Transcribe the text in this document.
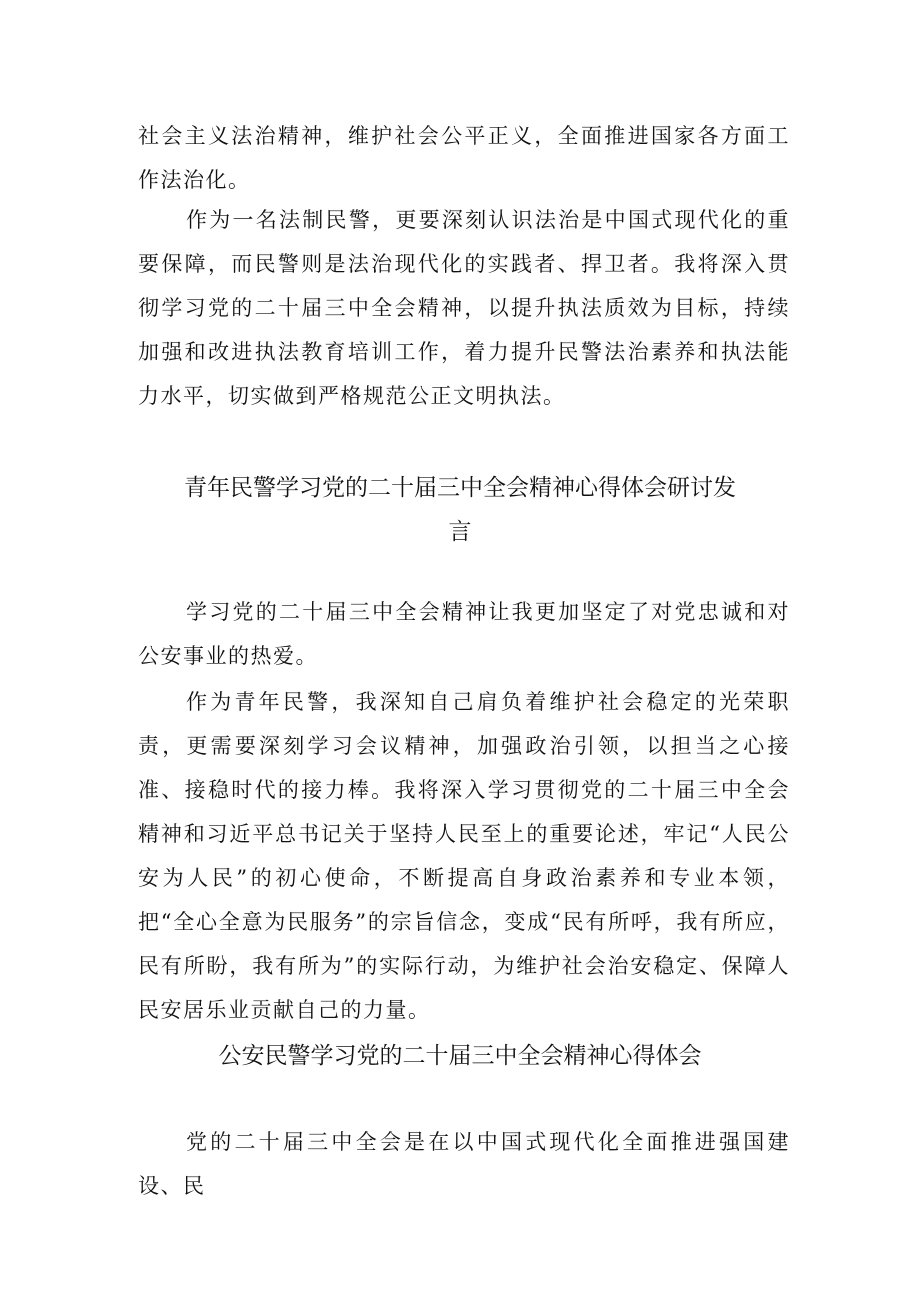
社会主义法治精神，维护社会公平正义，全面推进国家各方面工作法治化。

作为一名法制民警，更要深刻认识法治是中国式现代化的重要保障，而民警则是法治现代化的实践者、捍卫者。我将深入贯彻学习党的二十届三中全会精神，以提升执法质效为目标，持续加强和改进执法教育培训工作，着力提升民警法治素养和执法能力水平，切实做到严格规范公正文明执法。

青年民警学习党的二十届三中全会精神心得体会研讨发言

学习党的二十届三中全会精神让我更加坚定了对党忠诚和对公安事业的热爱。

作为青年民警，我深知自己肩负着维护社会稳定的光荣职责，更需要深刻学习会议精神，加强政治引领，以担当之心接准、接稳时代的接力棒。我将深入学习贯彻党的二十届三中全会精神和习近平总书记关于坚持人民至上的重要论述，牢记“人民公安为人民”的初心使命，不断提高自身政治素养和专业本领，把“全心全意为民服务”的宗旨信念，变成“民有所呼，我有所应，民有所盼，我有所为”的实际行动，为维护社会治安稳定、保障人民安居乐业贡献自己的力量。

公安民警学习党的二十届三中全会精神心得体会

党的二十届三中全会是在以中国式现代化全面推进强国建设、民
